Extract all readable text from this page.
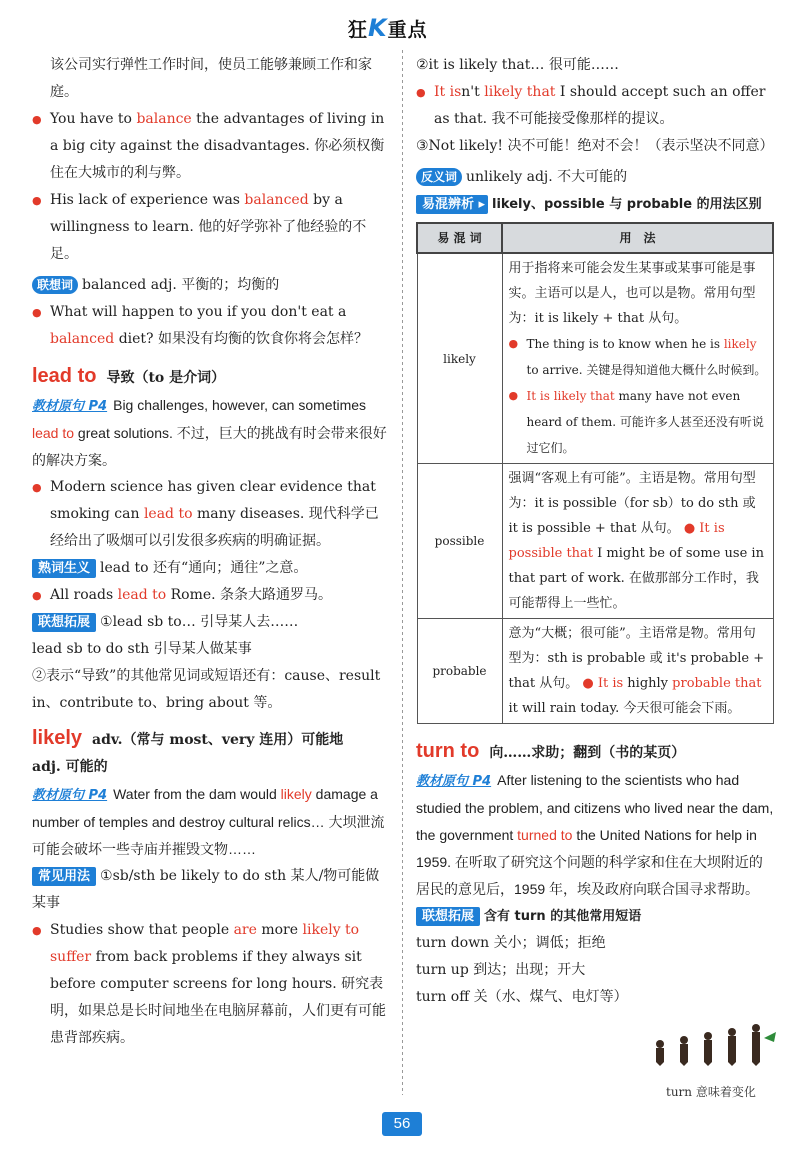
狂K重点

该公司实行弹性工作时间，使员工能够兼顾工作和家庭。

● You have to balance the advantages of living in a big city against the disadvantages. 你必须权衡住在大城市的利与弊。

● His lack of experience was balanced by a willingness to learn. 他的好学弥补了他经验的不足。

联想词 balanced adj. 平衡的；均衡的

● What will happen to you if you don't eat a balanced diet? 如果没有均衡的饮食你将会怎样？

lead to 导致（to 是介词）

教材原句 P4 Big challenges, however, can sometimes lead to great solutions. 不过，巨大的挑战有时会带来很好的解决方案。

● Modern science has given clear evidence that smoking can lead to many diseases. 现代科学已经给出了吸烟可以引发很多疾病的明确证据。

熟词生义 lead to 还有“通向；通往”之意。

● All roads lead to Rome. 条条大路通罗马。

联想拓展 ①lead sb to… 引导某人去……

lead sb to do sth 引导某人做某事

②表示“导致”的其他常见词或短语还有：cause、result in、contribute to、bring about 等。

likely adv.（常与 most、very 连用）可能地

adj. 可能的

教材原句 P4 Water from the dam would likely damage a number of temples and destroy cultural relics… 大坝泄流可能会破坏一些寺庙并摧毁文物……

常见用法 ①sb/sth be likely to do sth 某人/物可能做某事

● Studies show that people are more likely to suffer from back problems if they always sit before computer screens for long hours. 研究表明，如果总是长时间地坐在电脑屏幕前，人们更有可能患背部疾病。

②it is likely that… 很可能……

● It isn't likely that I should accept such an offer as that. 我不可能接受像那样的提议。

③Not likely! 决不可能！绝对不会！（表示坚决不同意）

反义词 unlikely adj. 不大可能的

易混辨析 ▸ likely、possible 与 probable 的用法区别

易 混 词	用　法
likely	用于指将来可能会发生某事或某事可能是事实。主语可以是人，也可以是物。常用句型为：it is likely + that 从句。
● The thing is to know when he is likely to arrive. 关键是得知道他大概什么时候到。
● It is likely that many have not even heard of them. 可能许多人甚至还没有听说过它们。

possible	强调“客观上有可能”。主语是物。常用句型为：it is possible（for sb）to do sth 或 it is possible + that 从句。 ● It is possible that I might be of some use in that part of work. 在做那部分工作时，我可能帮得上一些忙。

probable	意为“大概；很可能”。主语常是物。常用句型为：sth is probable 或 it's probable + that 从句。 ● It is highly probable that it will rain today. 今天很可能会下雨。

turn to 向……求助；翻到（书的某页）

教材原句 P4 After listening to the scientists who had studied the problem, and citizens who lived near the dam, the government turned to the United Nations for help in 1959. 在听取了研究这个问题的科学家和住在大坝附近的居民的意见后，1959 年，埃及政府向联合国寻求帮助。

联想拓展 含有 turn 的其他常用短语

turn down 关小；调低；拒绝

turn up 到达；出现；开大

turn off 关（水、煤气、电灯等）

turn 意味着变化
56
